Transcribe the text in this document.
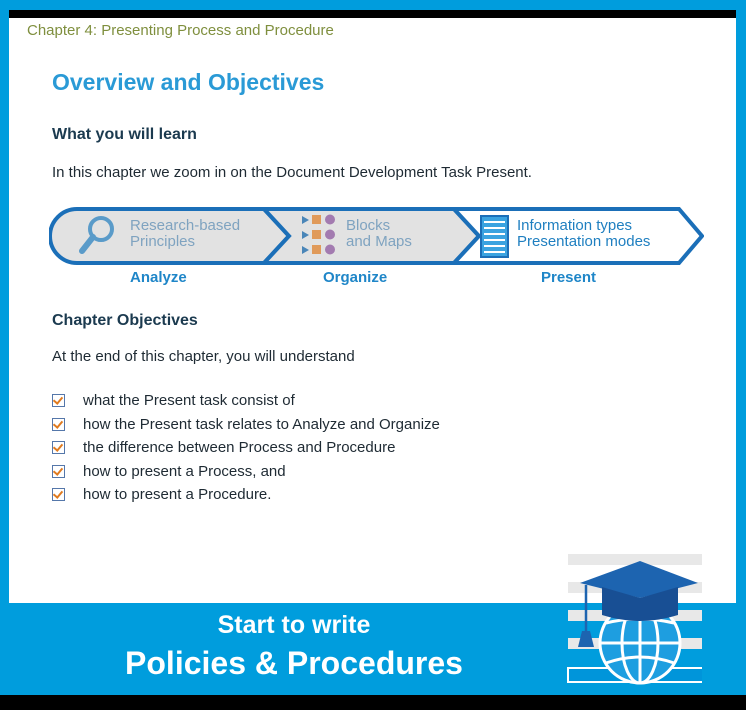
Chapter 4: Presenting Process and Procedure
Overview and Objectives
What you will learn
In this chapter we zoom in on the Document Development Task Present.
Research-based
Principles
Blocks
and Maps
Information types
Presentation modes
Analyze	Organize	Present
Chapter Objectives
At the end of this chapter, you will understand
what the Present task consist of
how the Present task relates to Analyze and Organize
the difference between Process and Procedure
how to present a Process, and
how to present a Procedure.
Start to write
Policies & Procedures
